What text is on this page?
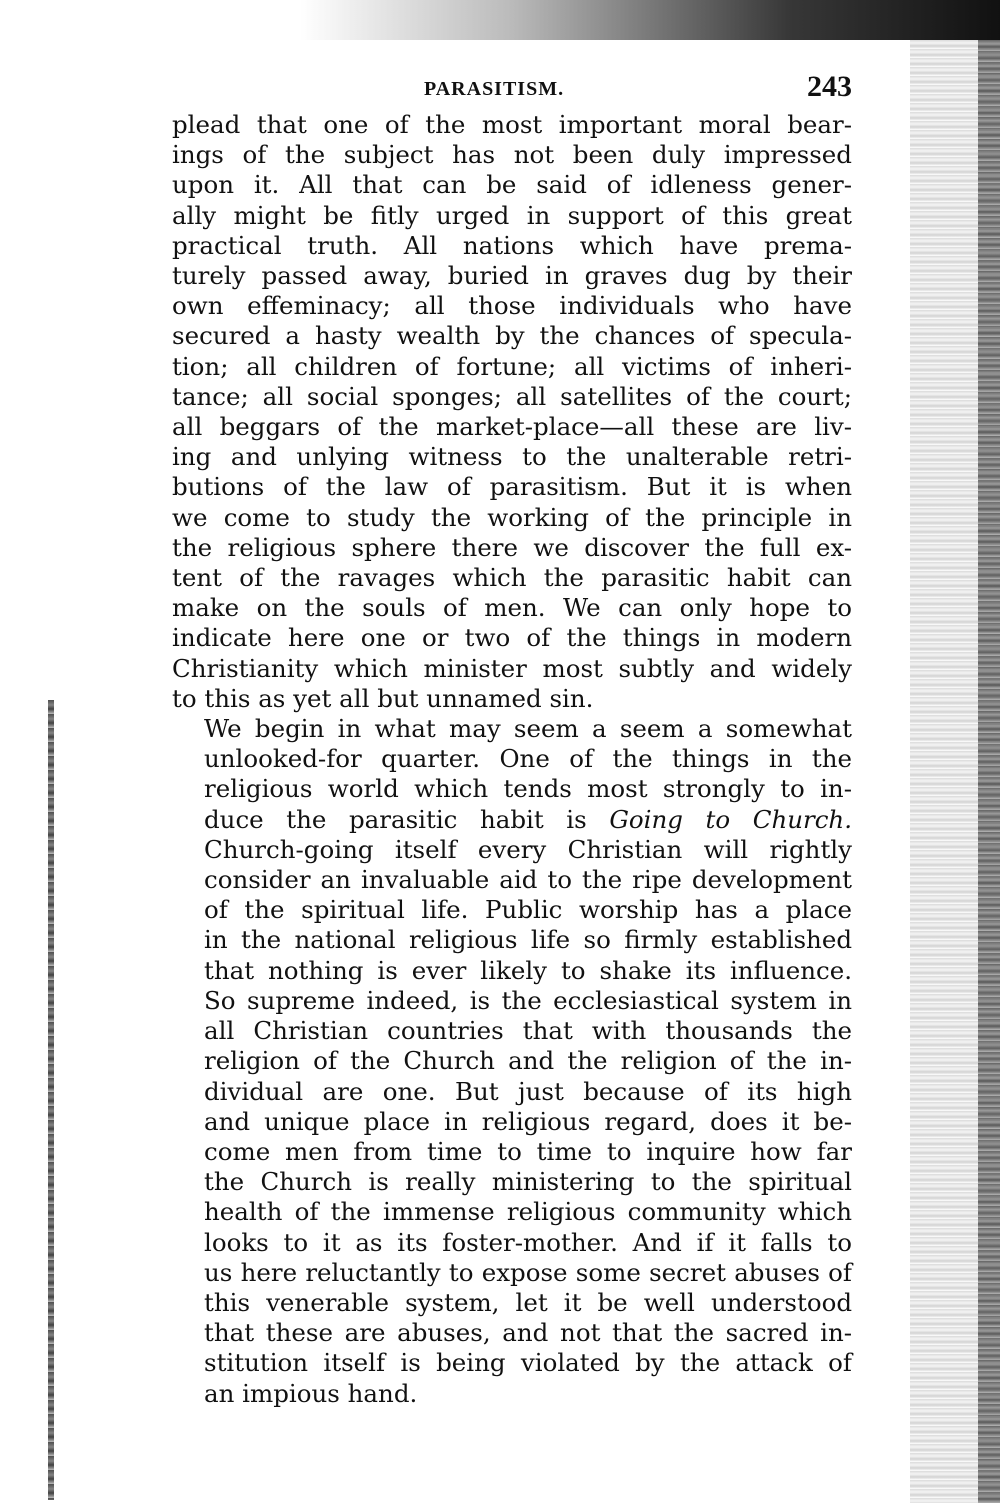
PARASITISM.	243

plead that one of the most important moral bear-
ings of the subject has not been duly impressed
upon it. All that can be said of idleness gener-
ally might be fitly urged in support of this great
practical truth. All nations which have prema-
turely passed away, buried in graves dug by their
own effeminacy; all those individuals who have
secured a hasty wealth by the chances of specula-
tion; all children of fortune; all victims of inheri-
tance; all social sponges; all satellites of the court;
all beggars of the market-place—all these are liv-
ing and unlying witness to the unalterable retri-
butions of the law of parasitism. But it is when
we come to study the working of the principle in
the religious sphere there we discover the full ex-
tent of the ravages which the parasitic habit can
make on the souls of men. We can only hope to
indicate here one or two of the things in modern
Christianity which minister most subtly and widely
to this as yet all but unnamed sin.

We begin in what may seem a seem a somewhat
unlooked-for quarter. One of the things in the
religious world which tends most strongly to in-
duce the parasitic habit is Going to Church.
Church-going itself every Christian will rightly
consider an invaluable aid to the ripe development
of the spiritual life. Public worship has a place
in the national religious life so firmly established
that nothing is ever likely to shake its influence.
So supreme indeed, is the ecclesiastical system in
all Christian countries that with thousands the
religion of the Church and the religion of the in-
dividual are one. But just because of its high
and unique place in religious regard, does it be-
come men from time to time to inquire how far
the Church is really ministering to the spiritual
health of the immense religious community which
looks to it as its foster-mother. And if it falls to
us here reluctantly to expose some secret abuses of
this venerable system, let it be well understood
that these are abuses, and not that the sacred in-
stitution itself is being violated by the attack of
an impious hand.
